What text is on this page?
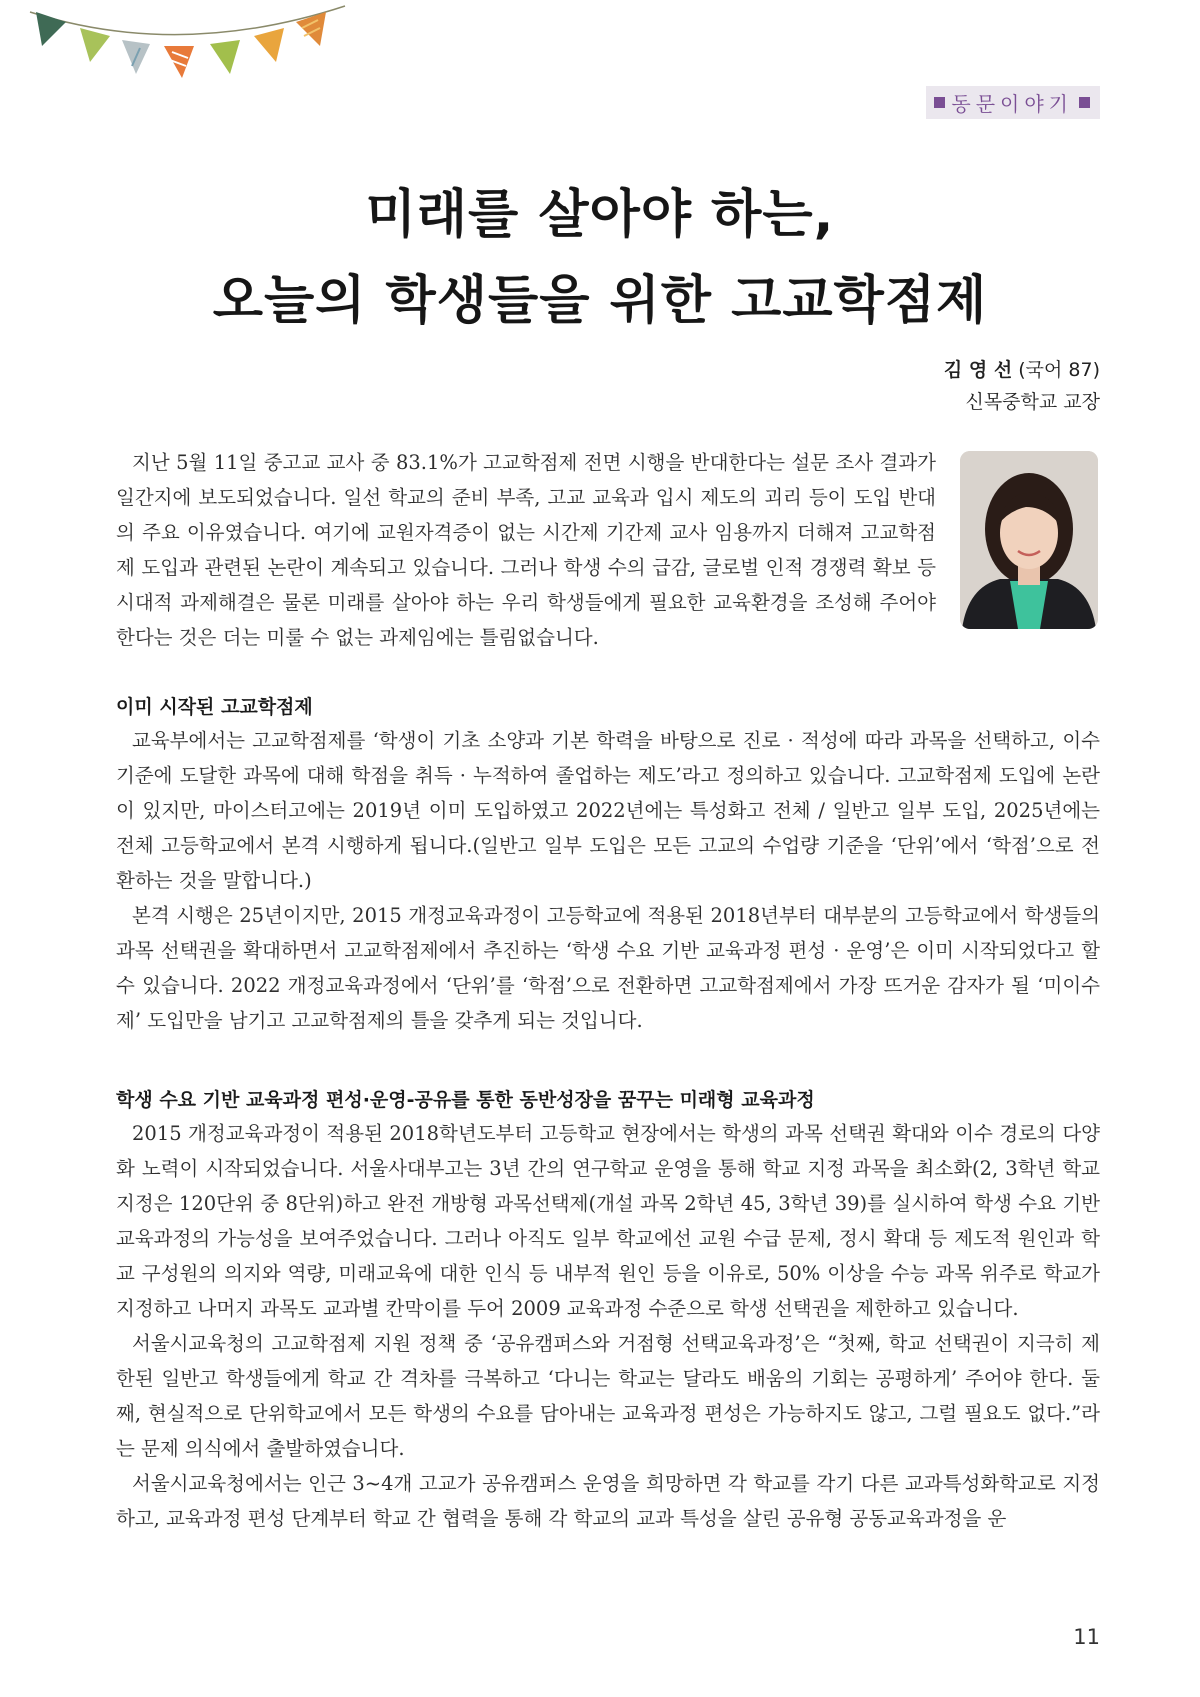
동문이야기
미래를 살아야 하는,
오늘의 학생들을 위한 고교학점제
김 영 선 (국어 87)
신목중학교 교장

지난 5월 11일 중고교 교사 중 83.1%가 고교학점제 전면 시행을 반대한다는 설문 조사 결과가 일간지에 보도되었습니다. 일선 학교의 준비 부족, 고교 교육과 입시 제도의 괴리 등이 도입 반대의 주요 이유였습니다. 여기에 교원자격증이 없는 시간제 기간제 교사 임용까지 더해져 고교학점제 도입과 관련된 논란이 계속되고 있습니다. 그러나 학생 수의 급감, 글로벌 인적 경쟁력 확보 등 시대적 과제해결은 물론 미래를 살아야 하는 우리 학생들에게 필요한 교육환경을 조성해 주어야 한다는 것은 더는 미룰 수 없는 과제임에는 틀림없습니다.

이미 시작된 고교학점제

교육부에서는 고교학점제를 ‘학생이 기초 소양과 기본 학력을 바탕으로 진로 · 적성에 따라 과목을 선택하고, 이수 기준에 도달한 과목에 대해 학점을 취득 · 누적하여 졸업하는 제도’라고 정의하고 있습니다. 고교학점제 도입에 논란이 있지만, 마이스터고에는 2019년 이미 도입하였고 2022년에는 특성화고 전체 / 일반고 일부 도입, 2025년에는 전체 고등학교에서 본격 시행하게 됩니다.(일반고 일부 도입은 모든 고교의 수업량 기준을 ‘단위’에서 ‘학점’으로 전환하는 것을 말합니다.)

본격 시행은 25년이지만, 2015 개정교육과정이 고등학교에 적용된 2018년부터 대부분의 고등학교에서 학생들의 과목 선택권을 확대하면서 고교학점제에서 추진하는 ‘학생 수요 기반 교육과정 편성 · 운영’은 이미 시작되었다고 할 수 있습니다. 2022 개정교육과정에서 ‘단위’를 ‘학점’으로 전환하면 고교학점제에서 가장 뜨거운 감자가 될 ‘미이수제’ 도입만을 남기고 고교학점제의 틀을 갖추게 되는 것입니다.

학생 수요 기반 교육과정 편성·운영-공유를 통한 동반성장을 꿈꾸는 미래형 교육과정

2015 개정교육과정이 적용된 2018학년도부터 고등학교 현장에서는 학생의 과목 선택권 확대와 이수 경로의 다양화 노력이 시작되었습니다. 서울사대부고는 3년 간의 연구학교 운영을 통해 학교 지정 과목을 최소화(2, 3학년 학교 지정은 120단위 중 8단위)하고 완전 개방형 과목선택제(개설 과목 2학년 45, 3학년 39)를 실시하여 학생 수요 기반 교육과정의 가능성을 보여주었습니다. 그러나 아직도 일부 학교에선 교원 수급 문제, 정시 확대 등 제도적 원인과 학교 구성원의 의지와 역량, 미래교육에 대한 인식 등 내부적 원인 등을 이유로, 50% 이상을 수능 과목 위주로 학교가 지정하고 나머지 과목도 교과별 칸막이를 두어 2009 교육과정 수준으로 학생 선택권을 제한하고 있습니다.

서울시교육청의 고교학점제 지원 정책 중 ‘공유캠퍼스와 거점형 선택교육과정’은 “첫째, 학교 선택권이 지극히 제한된 일반고 학생들에게 학교 간 격차를 극복하고 ‘다니는 학교는 달라도 배움의 기회는 공평하게’ 주어야 한다. 둘째, 현실적으로 단위학교에서 모든 학생의 수요를 담아내는 교육과정 편성은 가능하지도 않고, 그럴 필요도 없다.”라는 문제 의식에서 출발하였습니다.

서울시교육청에서는 인근 3~4개 고교가 공유캠퍼스 운영을 희망하면 각 학교를 각기 다른 교과특성화학교로 지정하고, 교육과정 편성 단계부터 학교 간 협력을 통해 각 학교의 교과 특성을 살린 공유형 공동교육과정을 운

11
